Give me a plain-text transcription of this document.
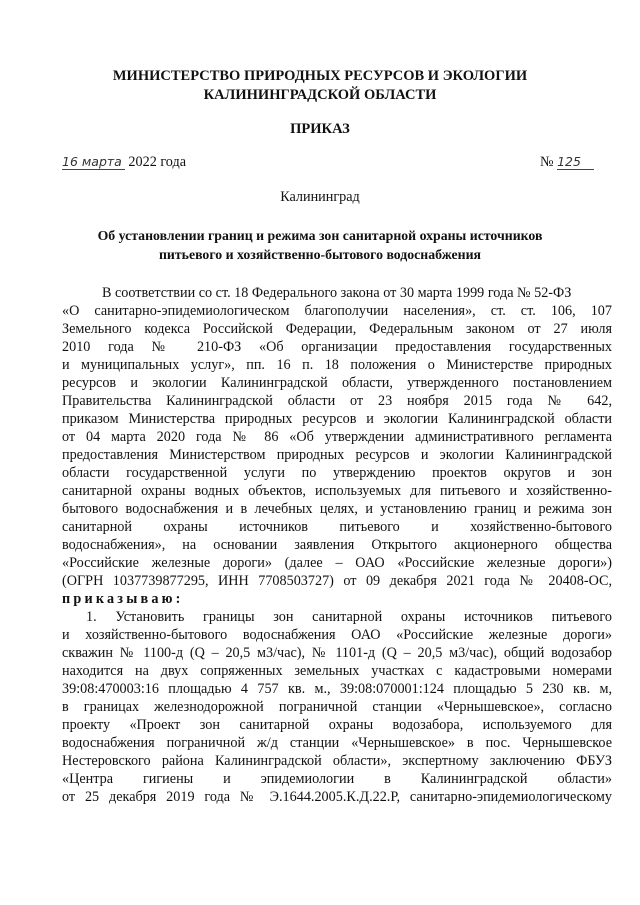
МИНИСТЕРСТВО ПРИРОДНЫХ РЕСУРСОВ И ЭКОЛОГИИ
КАЛИНИНГРАДСКОЙ ОБЛАСТИ
ПРИКАЗ
16 марта 2022 года	№ 125
Калининград
Об установлении границ и режима зон санитарной охраны источников
питьевого и хозяйственно-бытового водоснабжения
В соответствии со ст. 18 Федерального закона от 30 марта 1999 года № 52-ФЗ
«О санитарно-эпидемиологическом благополучии населения», ст. ст. 106, 107
Земельного кодекса Российской Федерации, Федеральным законом от 27 июля
2010 года № 210-ФЗ «Об организации предоставления государственных
и муниципальных услуг», пп. 16 п. 18 положения о Министерстве природных
ресурсов и экологии Калининградской области, утвержденного постановлением
Правительства Калининградской области от 23 ноября 2015 года № 642,
приказом Министерства природных ресурсов и экологии Калининградской области
от 04 марта 2020 года № 86 «Об утверждении административного регламента
предоставления Министерством природных ресурсов и экологии Калининградской
области государственной услуги по утверждению проектов округов и зон
санитарной охраны водных объектов, используемых для питьевого и хозяйственно-
бытового водоснабжения и в лечебных целях, и установлению границ и режима зон
санитарной охраны источников питьевого и хозяйственно-бытового
водоснабжения», на основании заявления Открытого акционерного общества
«Российские железные дороги» (далее – ОАО «Российские железные дороги»)
(ОГРН 1037739877295, ИНН 7708503727) от 09 декабря 2021 года № 20408-ОС,
приказываю:
1. Установить границы зон санитарной охраны источников питьевого
и хозяйственно-бытового водоснабжения ОАО «Российские железные дороги»
скважин № 1100-д (Q – 20,5 м3/час), № 1101-д (Q – 20,5 м3/час), общий водозабор
находится на двух сопряженных земельных участках с кадастровыми номерами
39:08:470003:16 площадью 4 757 кв. м., 39:08:070001:124 площадью 5 230 кв. м,
в границах железнодорожной пограничной станции «Чернышевское», согласно
проекту «Проект зон санитарной охраны водозабора, используемого для
водоснабжения пограничной ж/д станции «Чернышевское» в пос. Чернышевское
Нестеровского района Калининградской области», экспертному заключению ФБУЗ
«Центра гигиены и эпидемиологии в Калининградской области»
от 25 декабря 2019 года № Э.1644.2005.К.Д.22.Р, санитарно-эпидемиологическому
